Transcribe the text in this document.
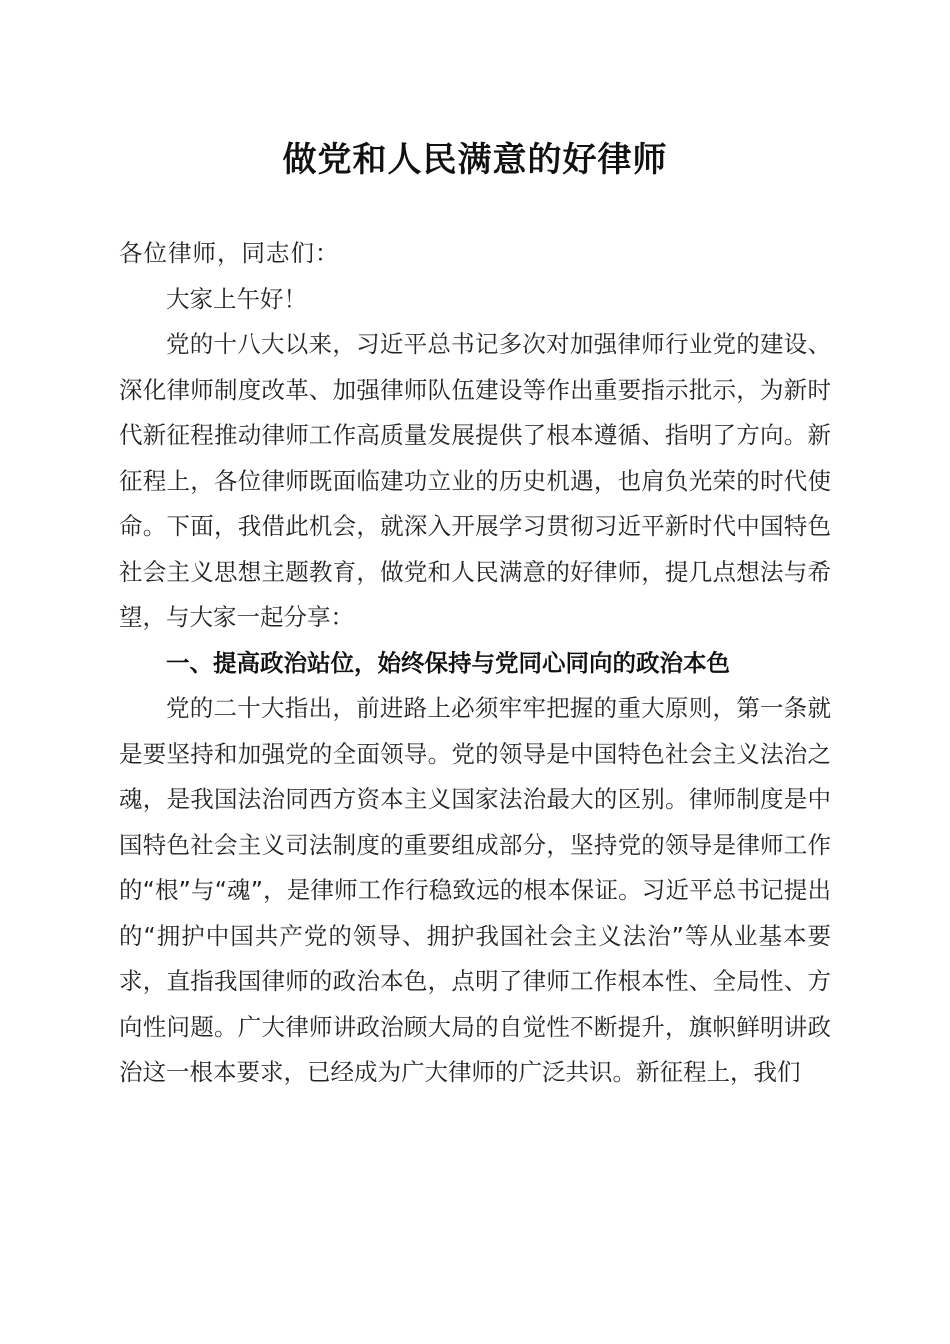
做党和人民满意的好律师

各位律师，同志们：

大家上午好！

党的十八大以来，习近平总书记多次对加强律师行业党的建设、深化律师制度改革、加强律师队伍建设等作出重要指示批示，为新时代新征程推动律师工作高质量发展提供了根本遵循、指明了方向。新征程上，各位律师既面临建功立业的历史机遇，也肩负光荣的时代使命。下面，我借此机会，就深入开展学习贯彻习近平新时代中国特色社会主义思想主题教育，做党和人民满意的好律师，提几点想法与希望，与大家一起分享：

一、提高政治站位，始终保持与党同心同向的政治本色

党的二十大指出，前进路上必须牢牢把握的重大原则，第一条就是要坚持和加强党的全面领导。党的领导是中国特色社会主义法治之魂，是我国法治同西方资本主义国家法治最大的区别。律师制度是中国特色社会主义司法制度的重要组成部分，坚持党的领导是律师工作的“根”与“魂”，是律师工作行稳致远的根本保证。习近平总书记提出的“拥护中国共产党的领导、拥护我国社会主义法治”等从业基本要求，直指我国律师的政治本色，点明了律师工作根本性、全局性、方向性问题。广大律师讲政治顾大局的自觉性不断提升，旗帜鲜明讲政治这一根本要求，已经成为广大律师的广泛共识。新征程上，我们
